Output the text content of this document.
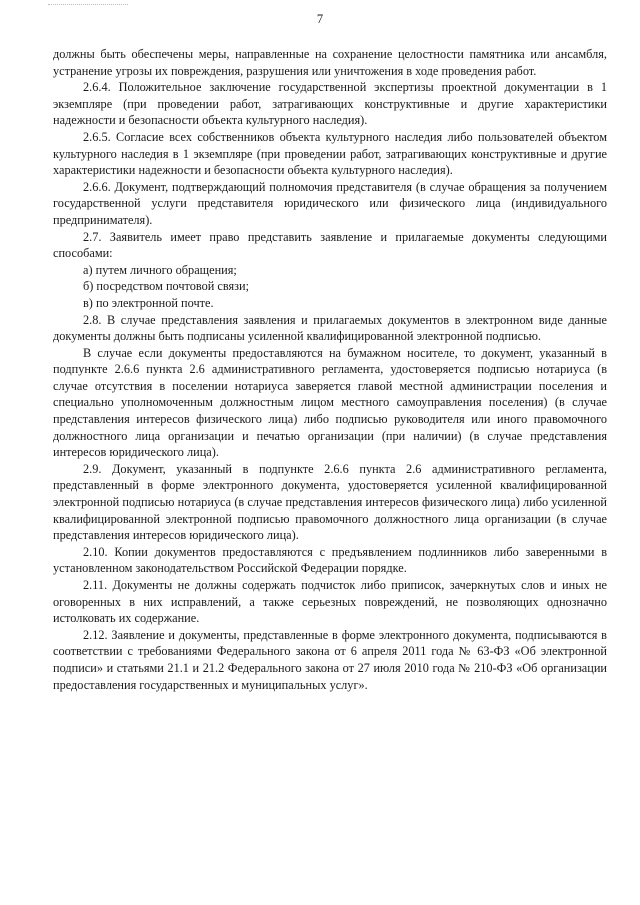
7

должны быть обеспечены меры, направленные на сохранение целостности памятника или ансамбля, устранение угрозы их повреждения, разрушения или уничтожения в ходе проведения работ.

2.6.4. Положительное заключение государственной экспертизы проектной документации в 1 экземпляре (при проведении работ, затрагивающих конструктивные и другие характеристики надежности и безопасности объекта культурного наследия).

2.6.5. Согласие всех собственников объекта культурного наследия либо пользователей объектом культурного наследия в 1 экземпляре (при проведении работ, затрагивающих конструктивные и другие характеристики надежности и безопасности объекта культурного наследия).

2.6.6. Документ, подтверждающий полномочия представителя (в случае обращения за получением государственной услуги представителя юридического или физического лица (индивидуального предпринимателя).

2.7. Заявитель имеет право представить заявление и прилагаемые документы следующими способами:

а) путем личного обращения;

б) посредством почтовой связи;

в) по электронной почте.

2.8. В случае представления заявления и прилагаемых документов в электронном виде данные документы должны быть подписаны усиленной квалифицированной электронной подписью.

В случае если документы предоставляются на бумажном носителе, то документ, указанный в подпункте 2.6.6 пункта 2.6 административного регламента, удостоверяется подписью нотариуса (в случае отсутствия в поселении нотариуса заверяется главой местной администрации поселения и специально уполномоченным должностным лицом местного самоуправления поселения) (в случае представления интересов физического лица) либо подписью руководителя или иного правомочного должностного лица организации и печатью организации (при наличии) (в случае представления интересов юридического лица).

2.9. Документ, указанный в подпункте 2.6.6 пункта 2.6 административного регламента, представленный в форме электронного документа, удостоверяется усиленной квалифицированной электронной подписью нотариуса (в случае представления интересов физического лица) либо усиленной квалифицированной электронной подписью правомочного должностного лица организации (в случае представления интересов юридического лица).

2.10. Копии документов предоставляются с предъявлением подлинников либо заверенными в установленном законодательством Российской Федерации порядке.

2.11. Документы не должны содержать подчисток либо приписок, зачеркнутых слов и иных не оговоренных в них исправлений, а также серьезных повреждений, не позволяющих однозначно истолковать их содержание.

2.12. Заявление и документы, представленные в форме электронного документа, подписываются в соответствии с требованиями Федерального закона от 6 апреля 2011 года № 63-ФЗ «Об электронной подписи» и статьями 21.1 и 21.2 Федерального закона от 27 июля 2010 года № 210-ФЗ «Об организации предоставления государственных и муниципальных услуг».
